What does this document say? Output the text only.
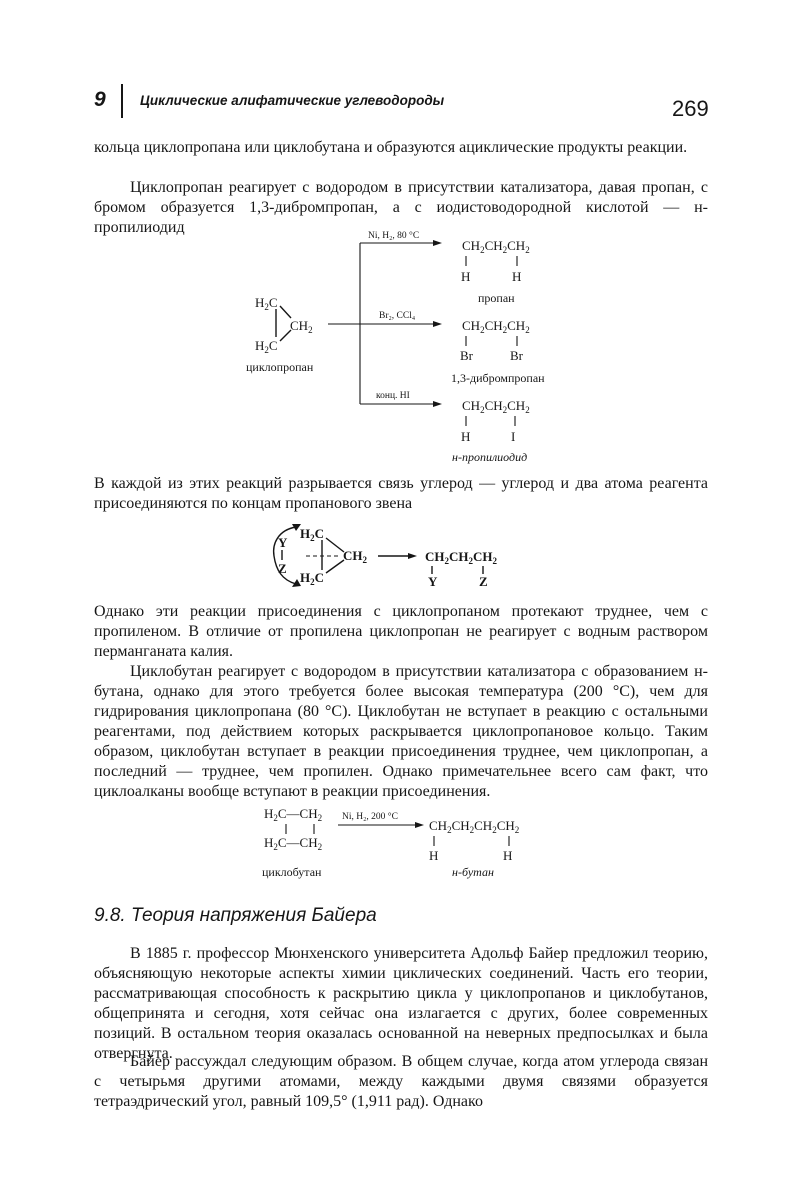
9	Циклические алифатические углеводороды	269
кольца циклопропана или циклобутана и образуются ациклические продукты реакции.
Циклопропан реагирует с водородом в присутствии катализатора, давая пропан, с бромом образуется 1,3-дибромпропан, а с иодистоводородной кислотой — н-пропилиодид
$H_2C$
$CH_2$
$H_2C$
циклопропан
Ni, H₂, 80 °C
Br₂, CCl₄
конц. HI
$CH_2CH_2CH_2$
H	H
пропан
$CH_2CH_2CH_2$
Br	Br
1,3-дибромпропан
$CH_2CH_2CH_2$
H	I
н-пропилиодид
В каждой из этих реакций разрывается связь углерод — углерод и два атома реагента присоединяются по концам пропанового звена
Y
Z
$H_2C$
$CH_2$
$H_2C$
$CH_2CH_2CH_2$
Y	Z
Однако эти реакции присоединения с циклопропаном протекают труднее, чем с пропиленом. В отличие от пропилена циклопропан не реагирует с водным раствором перманганата калия.
Циклобутан реагирует с водородом в присутствии катализатора с образованием н-бутана, однако для этого требуется более высокая температура (200 °C), чем для гидрирования циклопропана (80 °C). Циклобутан не вступает в реакцию с остальными реагентами, под действием которых раскрывается циклопропановое кольцо. Таким образом, циклобутан вступает в реакции присоединения труднее, чем циклопропан, а последний — труднее, чем пропилен. Однако примечательнее всего сам факт, что циклоалканы вообще вступают в реакции присоединения.
$H_2C—CH_2$
$H_2C—CH_2$
циклобутан
Ni, H₂, 200 °C
$CH_2CH_2CH_2CH_2$
H	H
н-бутан
9.8. Теория напряжения Байера
В 1885 г. профессор Мюнхенского университета Адольф Байер предложил теорию, объясняющую некоторые аспекты химии циклических соединений. Часть его теории, рассматривающая способность к раскрытию цикла у циклопропанов и циклобутанов, общепринята и сегодня, хотя сейчас она излагается с других, более современных позиций. В остальном теория оказалась основанной на неверных предпосылках и была отвергнута.
Байер рассуждал следующим образом. В общем случае, когда атом углерода связан с четырьмя другими атомами, между каждыми двумя связями образуется тетраэдрический угол, равный 109,5° (1,911 рад). Однако
